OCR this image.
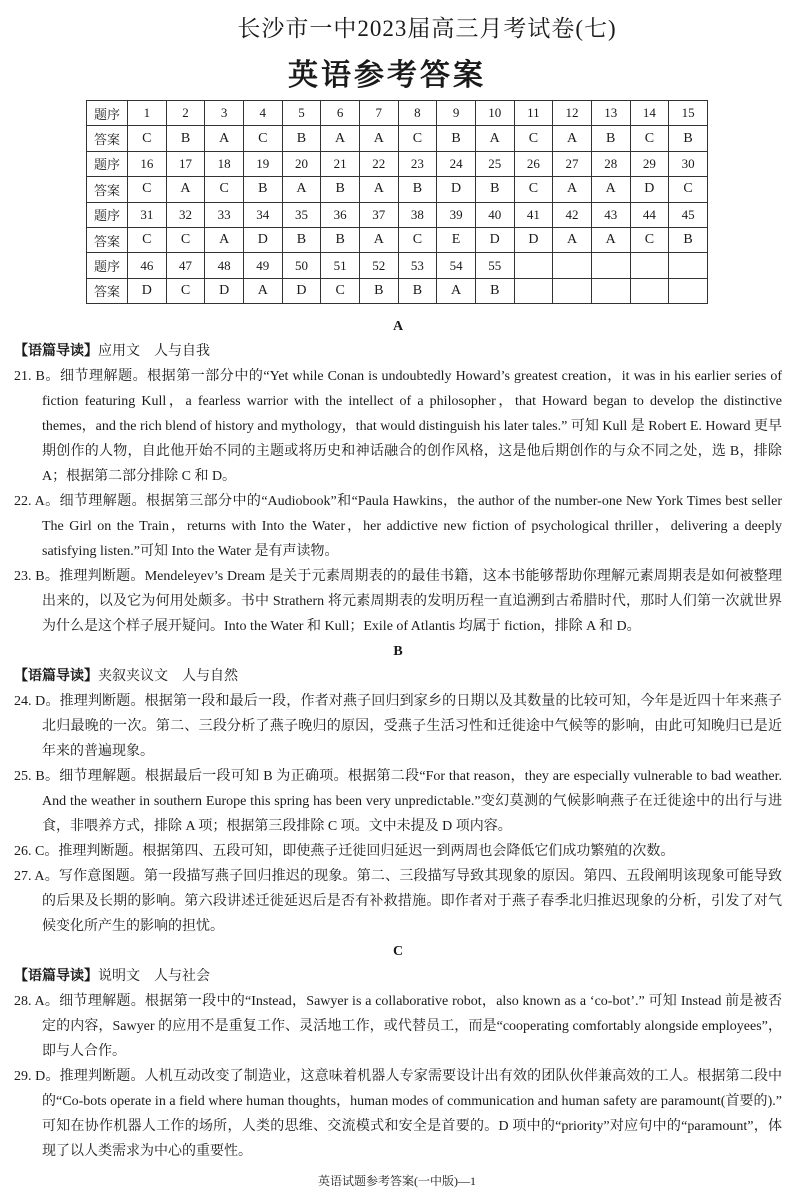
长沙市一中2023届高三月考试卷(七)
英语参考答案
题序	1	2	3	4	5	6	7	8	9	10	11	12	13	14	15
答案	C	B	A	C	B	A	A	C	B	A	C	A	B	C	B
题序	16	17	18	19	20	21	22	23	24	25	26	27	28	29	30
答案	C	A	C	B	A	B	A	B	D	B	C	A	A	D	C
题序	31	32	33	34	35	36	37	38	39	40	41	42	43	44	45
答案	C	C	A	D	B	B	A	C	E	D	D	A	A	C	B
题序	46	47	48	49	50	51	52	53	54	55					
答案	D	C	D	A	D	C	B	B	A	B					
A
【语篇导读】应用文　人与自我

21. B。细节理解题。根据第一部分中的“Yet while Conan is undoubtedly Howard’s greatest creation，it was in his earlier series of fiction featuring Kull，a fearless warrior with the intellect of a philosopher，that Howard began to develop the distinctive themes，and the rich blend of history and mythology，that would distinguish his later tales.” 可知 Kull 是 Robert E. Howard 更早期创作的人物，自此他开始不同的主题或将历史和神话融合的创作风格，这是他后期创作的与众不同之处，选 B，排除 A；根据第二部分排除 C 和 D。

22. A。细节理解题。根据第三部分中的“Audiobook”和“Paula Hawkins，the author of the number-one New York Times best seller The Girl on the Train，returns with Into the Water，her addictive new fiction of psychological thriller，delivering a deeply satisfying listen.”可知 Into the Water 是有声读物。

23. B。推理判断题。Mendeleyev’s Dream 是关于元素周期表的的最佳书籍，这本书能够帮助你理解元素周期表是如何被整理出来的，以及它为何用处颇多。书中 Strathern 将元素周期表的发明历程一直追溯到古希腊时代，那时人们第一次就世界为什么是这个样子展开疑问。Into the Water 和 Kull；Exile of Atlantis 均属于 fiction，排除 A 和 D。

B
【语篇导读】夹叙夹议文　人与自然

24. D。推理判断题。根据第一段和最后一段，作者对燕子回归到家乡的日期以及其数量的比较可知，今年是近四十年来燕子北归最晚的一次。第二、三段分析了燕子晚归的原因，受燕子生活习性和迁徙途中气候等的影响，由此可知晚归已是近年来的普遍现象。

25. B。细节理解题。根据最后一段可知 B 为正确项。根据第二段“For that reason，they are especially vulnerable to bad weather. And the weather in southern Europe this spring has been very unpredictable.”变幻莫测的气候影响燕子在迁徙途中的出行与进食，非喂养方式，排除 A 项；根据第三段排除 C 项。文中未提及 D 项内容。

26. C。推理判断题。根据第四、五段可知，即使燕子迁徙回归延迟一到两周也会降低它们成功繁殖的次数。

27. A。写作意图题。第一段描写燕子回归推迟的现象。第二、三段描写导致其现象的原因。第四、五段阐明该现象可能导致的后果及长期的影响。第六段讲述迁徙延迟后是否有补救措施。即作者对于燕子春季北归推迟现象的分析，引发了对气候变化所产生的影响的担忧。

C
【语篇导读】说明文　人与社会

28. A。细节理解题。根据第一段中的“Instead，Sawyer is a collaborative robot，also known as a ‘co-bot’.” 可知 Instead 前是被否定的内容，Sawyer 的应用不是重复工作、灵活地工作，或代替员工，而是“cooperating comfortably alongside employees”，即与人合作。

29. D。推理判断题。人机互动改变了制造业，这意味着机器人专家需要设计出有效的团队伙伴兼高效的工人。根据第二段中的“Co-bots operate in a field where human thoughts，human modes of communication and human safety are paramount(首要的).” 可知在协作机器人工作的场所，人类的思维、交流模式和安全是首要的。D 项中的“priority”对应句中的“paramount”，体现了以人类需求为中心的重要性。

英语试题参考答案(一中版)—1
